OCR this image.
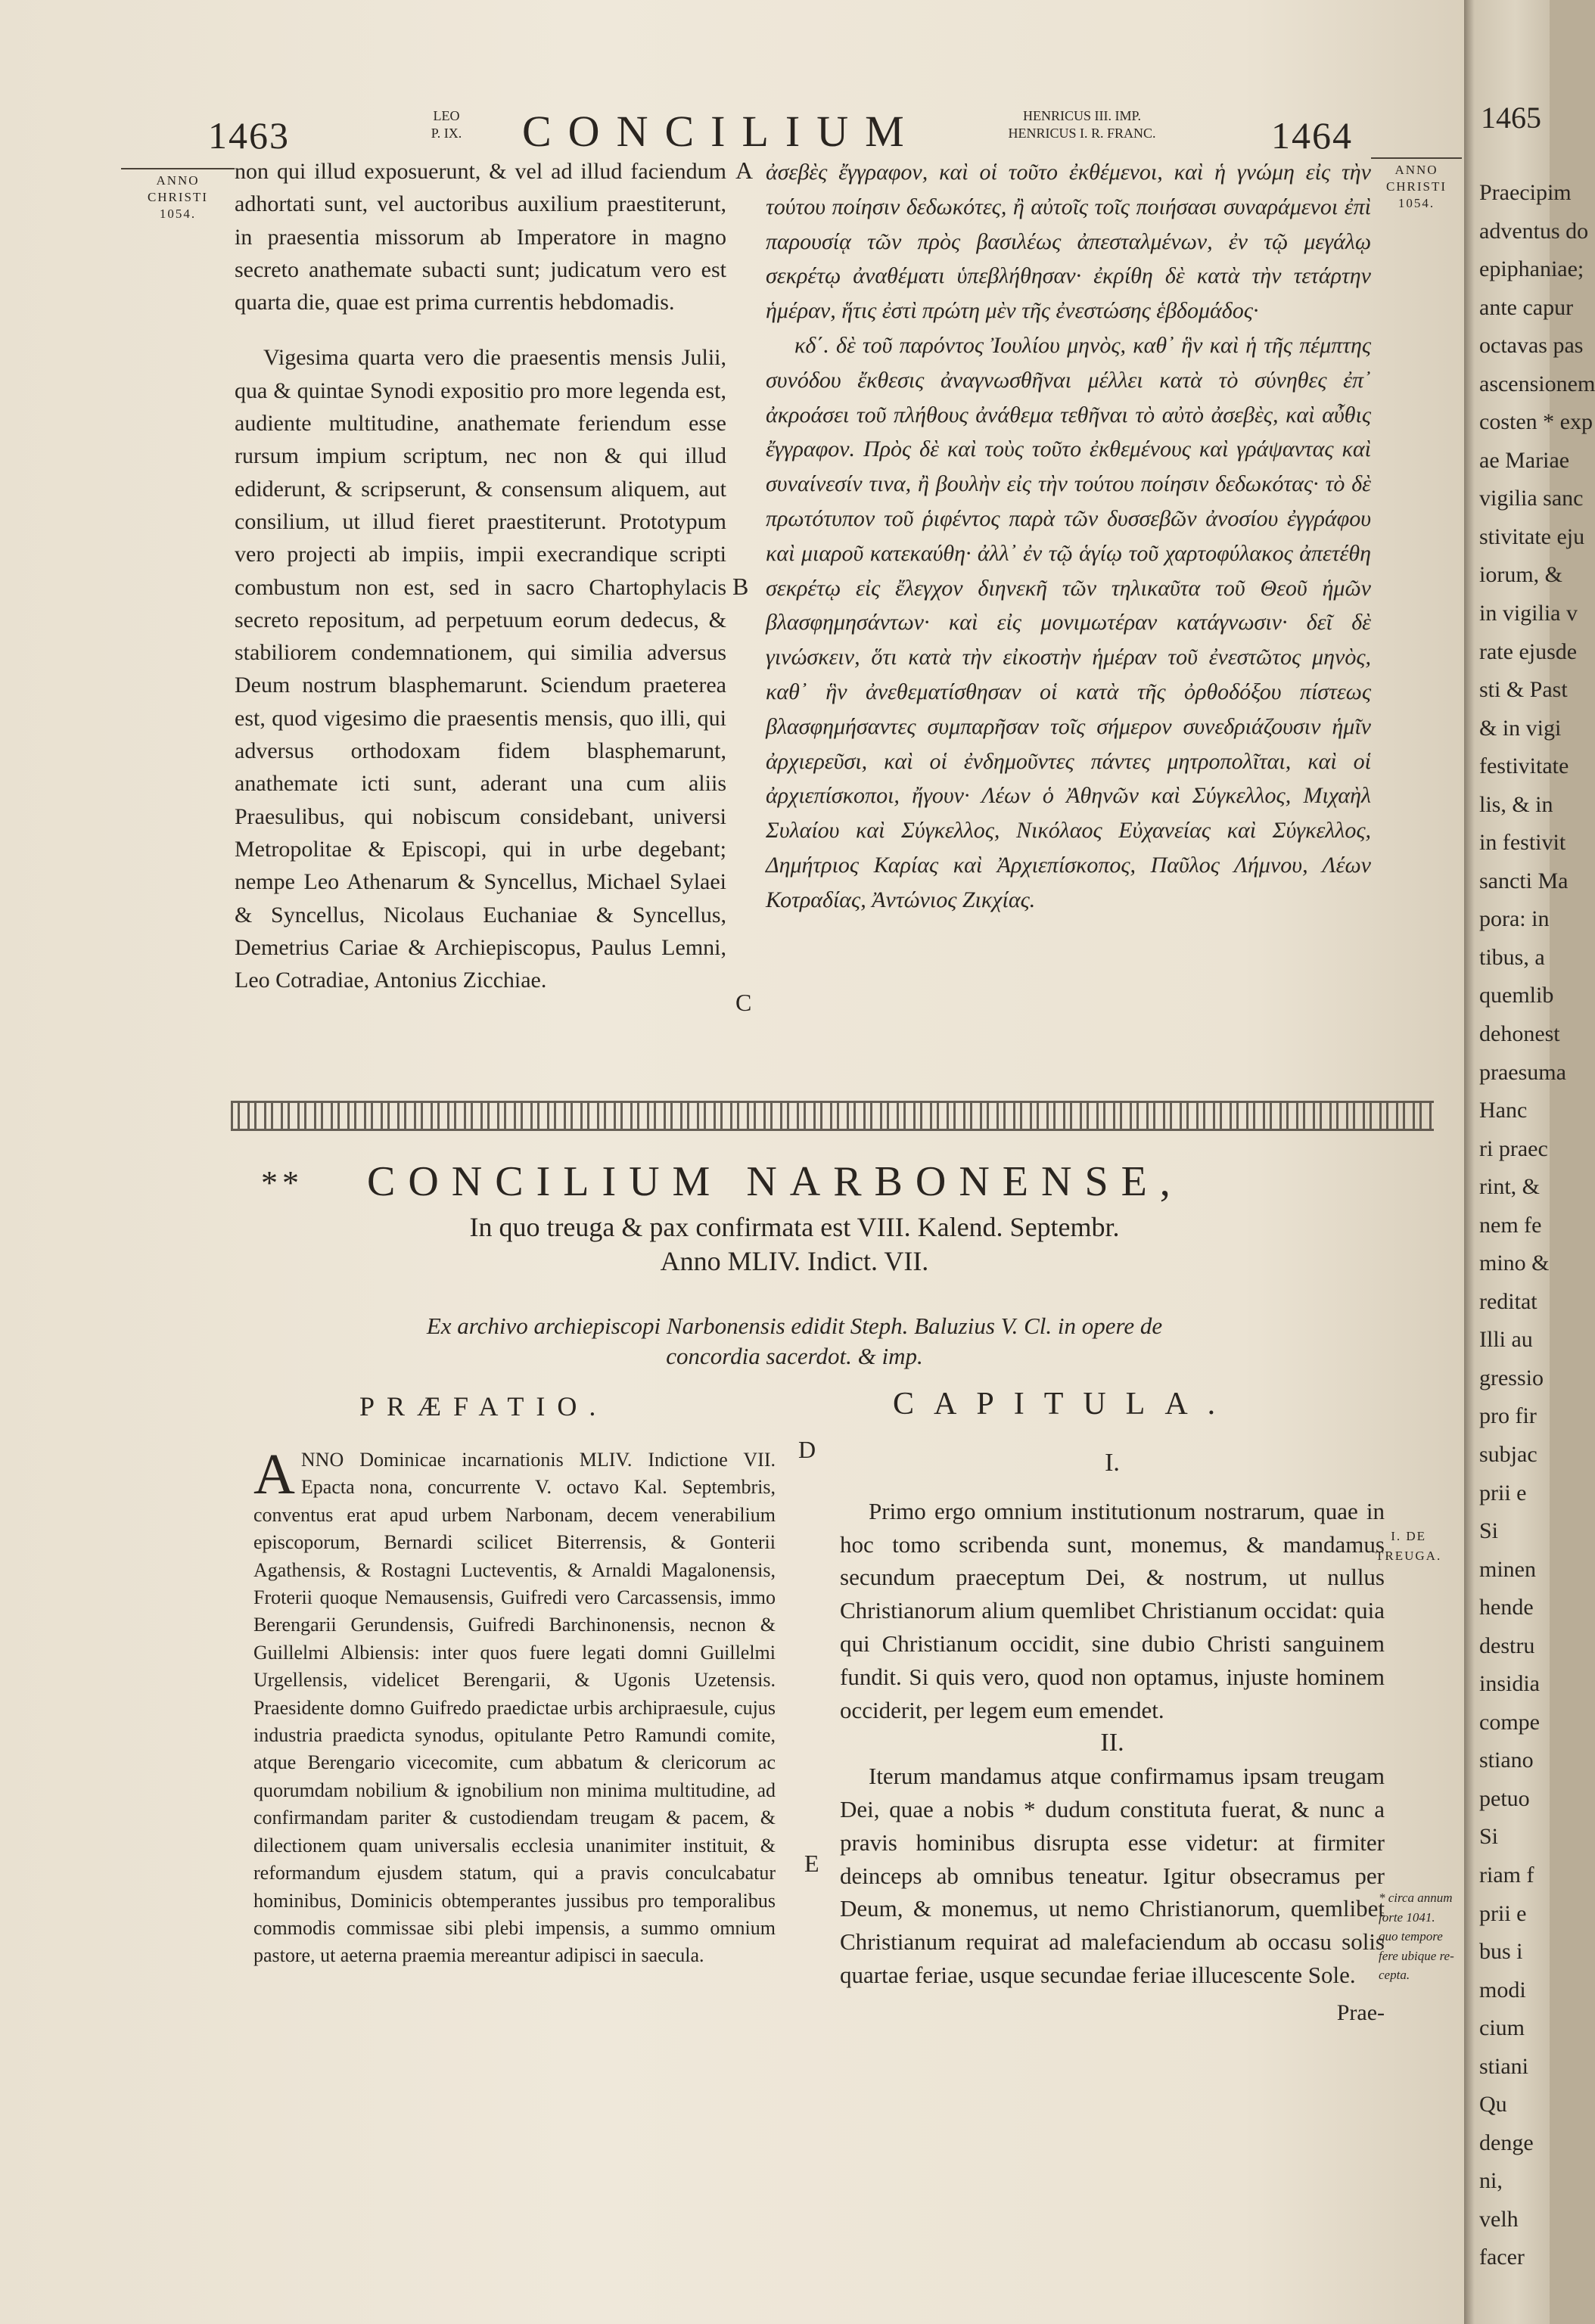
1463	LEO
P. IX. CONCILIUM	HENRICUS III. IMP.
HENRICUS I. R. FRANC.	1464
ANNO
CHRISTI
1054.
ANNO
CHRISTI
1054.

non qui illud exposuerunt, & vel ad illud faciendum adhortati sunt, vel auctoribus auxilium praestiterunt, in praesentia missorum ab Imperatore in magno secreto anathemate subacti sunt; judicatum vero est quarta die, quae est prima currentis hebdomadis.

Vigesima quarta vero die praesentis mensis Julii, qua & quintae Synodi expositio pro more legenda est, audiente multitudine, anathemate feriendum esse rursum impium scriptum, nec non & qui illud ediderunt, & scripserunt, & consensum aliquem, aut consilium, ut illud fieret praestiterunt. Prototypum vero projecti ab impiis, impii execrandique scripti combustum non est, sed in sacro Chartophylacis secreto repositum, ad perpetuum eorum dedecus, & stabiliorem condemnationem, qui similia adversus Deum nostrum blasphemarunt. Sciendum praeterea est, quod vigesimo die praesentis mensis, quo illi, qui adversus orthodoxam fidem blasphemarunt, anathemate icti sunt, aderant una cum aliis Praesulibus, qui nobiscum considebant, universi Metropolitae & Episcopi, qui in urbe degebant; nempe Leo Athenarum & Syncellus, Michael Sylaei & Syncellus, Nicolaus Euchaniae & Syncellus, Demetrius Cariae & Archiepiscopus, Paulus Lemni, Leo Cotradiae, Antonius Zicchiae.

A
B
C

ἀσεβὲς ἔγγραφον, καὶ οἱ τοῦτο ἐκθέμενοι, καὶ ἡ γνώμη εἰς τὴν τούτου ποίησιν δεδωκότες, ἢ αὐτοῖς τοῖς ποιήσασι συναράμενοι ἐπὶ παρουσίᾳ τῶν πρὸς βασιλέως ἀπεσταλμένων, ἐν τῷ μεγάλῳ σεκρέτῳ ἀναθέματι ὑπεβλήθησαν· ἐκρίθη δὲ κατὰ τὴν τετάρτην ἡμέραν, ἥτις ἐστὶ πρώτη μὲν τῆς ἐνεστώσης ἑβδομάδος·

κδ΄. δὲ τοῦ παρόντος Ἰουλίου μηνὸς, καθ᾿ ἣν καὶ ἡ τῆς πέμπτης συνόδου ἔκθεσις ἀναγνωσθῆναι μέλλει κατὰ τὸ σύνηθες ἐπ᾿ ἀκροάσει τοῦ πλήθους ἀνάθεμα τεθῆναι τὸ αὐτὸ ἀσεβὲς, καὶ αὖθις ἔγγραφον. Πρὸς δὲ καὶ τοὺς τοῦτο ἐκθεμένους καὶ γράψαντας καὶ συναίνεσίν τινα, ἢ βουλὴν εἰς τὴν τούτου ποίησιν δεδωκότας· τὸ δὲ πρωτότυπον τοῦ ῥιφέντος παρὰ τῶν δυσσεβῶν ἀνοσίου ἐγγράφου καὶ μιαροῦ κατεκαύθη· ἀλλ᾿ ἐν τῷ ἁγίῳ τοῦ χαρτοφύλακος ἀπετέθη σεκρέτῳ εἰς ἔλεγχον διηνεκῆ τῶν τηλικαῦτα τοῦ Θεοῦ ἡμῶν βλασφημησάντων· καὶ εἰς μονιμωτέραν κατάγνωσιν· δεῖ δὲ γινώσκειν, ὅτι κατὰ τὴν εἰκοστὴν ἡμέραν τοῦ ἐνεστῶτος μηνὸς, καθ᾿ ἣν ἀνεθεματίσθησαν οἱ κατὰ τῆς ὀρθοδόξου πίστεως βλασφημήσαντες συμπαρῆσαν τοῖς σήμερον συνεδριάζουσιν ἡμῖν ἀρχιερεῦσι, καὶ οἱ ἐνδημοῦντες πάντες μητροπολῖται, καὶ οἱ ἀρχιεπίσκοποι, ἤγουν· Λέων ὁ Ἀθηνῶν καὶ Σύγκελλος, Μιχαὴλ Συλαίου καὶ Σύγκελλος, Νικόλαος Εὐχανείας καὶ Σύγκελλος, Δημήτριος Καρίας καὶ Ἀρχιεπίσκοπος, Παῦλος Λήμνου, Λέων Κοτραδίας, Ἀντώνιος Ζικχίας.

**	CONCILIUM NARBONENSE,
In quo treuga & pax confirmata est VIII. Kalend. Septembr.
Anno MLIV. Indict. VII.
Ex archivo archiepiscopi Narbonensis edidit Steph. Baluzius V. Cl. in opere de
concordia sacerdot. & imp.
PRÆFATIO.	CAPITULA.
ANNO Dominicae incarnationis MLIV. Indictione VII. Epacta nona, concurrente V. octavo Kal. Septembris, conventus erat apud urbem Narbonam, decem venerabilium episcoporum, Bernardi scilicet Biterrensis, & Gonterii Agathensis, & Rostagni Lucteventis, & Arnaldi Magalonensis, Froterii quoque Nemausensis, Guifredi vero Carcassensis, immo Berengarii Gerundensis, Guifredi Barchinonensis, necnon & Guillelmi Albiensis: inter quos fuere legati domni Guillelmi Urgellensis, videlicet Berengarii, & Ugonis Uzetensis. Praesidente domno Guifredo praedictae urbis archipraesule, cujus industria praedicta synodus, opitulante Petro Ramundi comite, atque Berengario vicecomite, cum abbatum & clericorum ac quorumdam nobilium & ignobilium non minima multitudine, ad confirmandam pariter & custodiendam treugam & pacem, & dilectionem quam universalis ecclesia unanimiter instituit, & reformandum ejusdem statum, qui a pravis conculcabatur hominibus, Dominicis obtemperantes jussibus pro temporalibus commodis commissae sibi plebi impensis, a summo omnium pastore, ut aeterna praemia mereantur adipisci in saecula.
D
E

I.

Primo ergo omnium institutionum nostrarum, quae in hoc tomo scribenda sunt, monemus, & mandamus secundum praeceptum Dei, & nostrum, ut nullus Christianorum alium quemlibet Christianum occidat: quia qui Christianum occidit, sine dubio Christi sanguinem fundit. Si quis vero, quod non optamus, injuste hominem occiderit, per legem eum emendet.

II.

Iterum mandamus atque confirmamus ipsam treugam Dei, quae a nobis * dudum constituta fuerat, & nunc a pravis hominibus disrupta esse videtur: at firmiter deinceps ab omnibus teneatur. Igitur obsecramus per Deum, & monemus, ut nemo Christianorum, quemlibet Christianum requirat ad malefaciendum ab occasu solis quartae feriae, usque secundae feriae illucescente Sole.

Prae-
I. DE
TREUGA.
* circa annum
forte 1041.
quo tempore
fere ubique re-
cepta.
1465
Praecipim
adventus do
epiphaniae;
ante capur
octavas pas
ascensionem
costen * exp
ae Mariae
vigilia sanc
stivitate eju
iorum, &
in vigilia v
rate ejusde
sti & Past
& in vigi
festivitate
lis, & in
in festivit
sancti Ma
pora: in
tibus, a
quemlib
dehonest
praesuma
Hanc
ri praec
rint, &
nem fe
mino &
reditat
Illi au
gressio
pro fir
subjac
prii e
Si
minen
hende
destru
insidia
compe
stiano
petuo
Si
riam f
prii e
bus i
modi
cium
stiani
Qu
denge
ni,
velh
facer
